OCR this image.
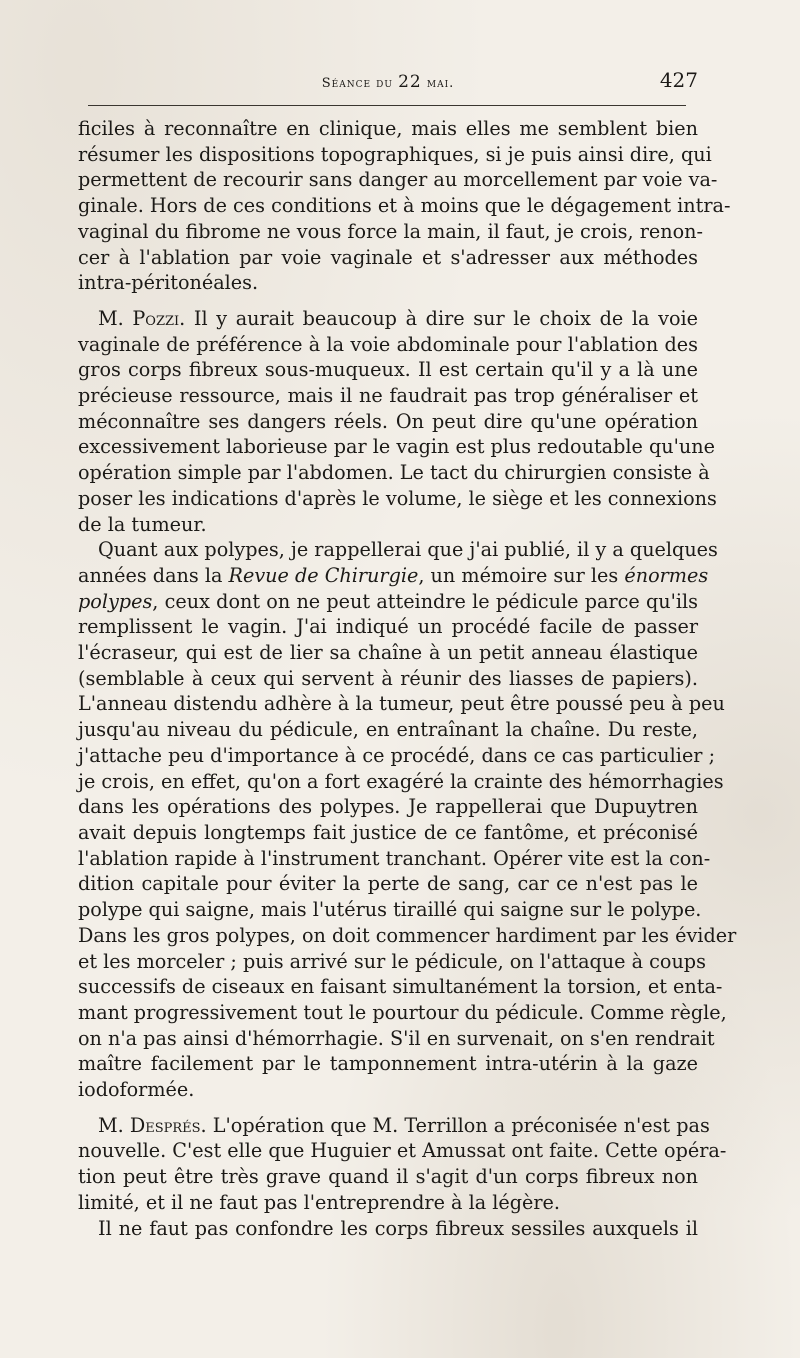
Séance du 22 mai.	427

ficiles à reconnaître en clinique, mais elles me semblent bien

résumer les dispositions topographiques, si je puis ainsi dire, qui

permettent de recourir sans danger au morcellement par voie va-

ginale. Hors de ces conditions et à moins que le dégagement intra-

vaginal du fibrome ne vous force la main, il faut, je crois, renon-

cer à l'ablation par voie vaginale et s'adresser aux méthodes

intra-péritonéales.

M. Pozzi. Il y aurait beaucoup à dire sur le choix de la voie

vaginale de préférence à la voie abdominale pour l'ablation des

gros corps fibreux sous-muqueux. Il est certain qu'il y a là une

précieuse ressource, mais il ne faudrait pas trop généraliser et

méconnaître ses dangers réels. On peut dire qu'une opération

excessivement laborieuse par le vagin est plus redoutable qu'une

opération simple par l'abdomen. Le tact du chirurgien consiste à

poser les indications d'après le volume, le siège et les connexions

de la tumeur.

Quant aux polypes, je rappellerai que j'ai publié, il y a quelques

années dans la Revue de Chirurgie, un mémoire sur les énormes

polypes, ceux dont on ne peut atteindre le pédicule parce qu'ils

remplissent le vagin. J'ai indiqué un procédé facile de passer

l'écraseur, qui est de lier sa chaîne à un petit anneau élastique

(semblable à ceux qui servent à réunir des liasses de papiers).

L'anneau distendu adhère à la tumeur, peut être poussé peu à peu

jusqu'au niveau du pédicule, en entraînant la chaîne. Du reste,

j'attache peu d'importance à ce procédé, dans ce cas particulier ;

je crois, en effet, qu'on a fort exagéré la crainte des hémorrhagies

dans les opérations des polypes. Je rappellerai que Dupuytren

avait depuis longtemps fait justice de ce fantôme, et préconisé

l'ablation rapide à l'instrument tranchant. Opérer vite est la con-

dition capitale pour éviter la perte de sang, car ce n'est pas le

polype qui saigne, mais l'utérus tiraillé qui saigne sur le polype.

Dans les gros polypes, on doit commencer hardiment par les évider

et les morceler ; puis arrivé sur le pédicule, on l'attaque à coups

successifs de ciseaux en faisant simultanément la torsion, et enta-

mant progressivement tout le pourtour du pédicule. Comme règle,

on n'a pas ainsi d'hémorrhagie. S'il en survenait, on s'en rendrait

maître facilement par le tamponnement intra-utérin à la gaze

iodoformée.

M. Després. L'opération que M. Terrillon a préconisée n'est pas

nouvelle. C'est elle que Huguier et Amussat ont faite. Cette opéra-

tion peut être très grave quand il s'agit d'un corps fibreux non

limité, et il ne faut pas l'entreprendre à la légère.

Il ne faut pas confondre les corps fibreux sessiles auxquels il
